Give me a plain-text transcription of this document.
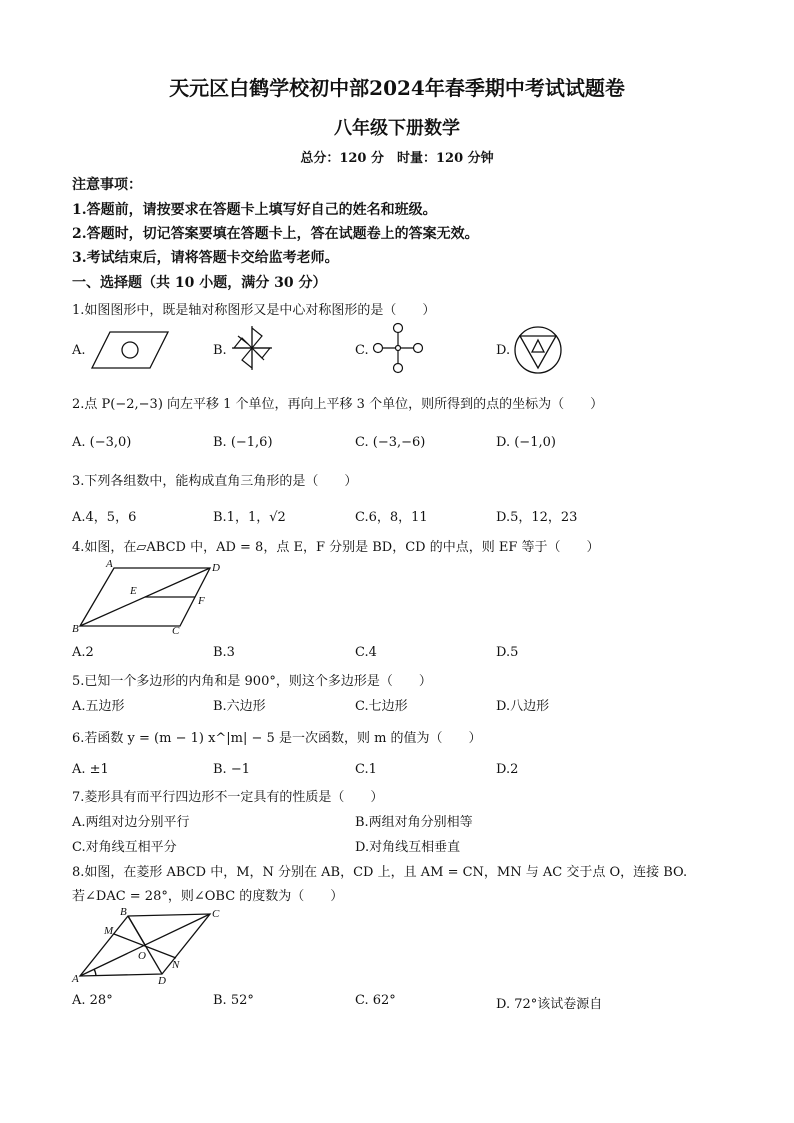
天元区白鹤学校初中部2024年春季期中考试试题卷
八年级下册数学
总分：120 分　时量：120 分钟
注意事项：
1.答题前，请按要求在答题卡上填写好自己的姓名和班级。
2.答题时，切记答案要填在答题卡上，答在试题卷上的答案无效。
3.考试结束后，请将答题卡交给监考老师。
一、选择题（共 10 小题，满分 30 分）
1.如图图形中，既是轴对称图形又是中心对称图形的是（　　）
A.	B.	C.	D.
2.点 P(−2,−3) 向左平移 1 个单位，再向上平移 3 个单位，则所得到的点的坐标为（　　）
A. (−3,0)	B. (−1,6)	C. (−3,−6)	D. (−1,0)
3.下列各组数中，能构成直角三角形的是（　　）
A.4，5，6	B.1，1，√2	C.6，8，11	D.5，12，23
4.如图，在▱ABCD 中，AD = 8，点 E，F 分别是 BD，CD 的中点，则 EF 等于（　　）
A	D
E
F
B	C
A.2	B.3	C.4	D.5
5.已知一个多边形的内角和是 900°，则这个多边形是（　　）
A.五边形	B.六边形	C.七边形	D.八边形
6.若函数 y = (m − 1) x^|m| − 5 是一次函数，则 m 的值为（　　）
A. ±1	B. −1	C.1	D.2
7.菱形具有而平行四边形不一定具有的性质是（　　）
A.两组对边分别平行	B.两组对角分别相等
C.对角线互相平分	D.对角线互相垂直
8.如图，在菱形 ABCD 中，M，N 分别在 AB，CD 上，且 AM = CN，MN 与 AC 交于点 O，连接 BO.
若∠DAC = 28°，则∠OBC 的度数为（　　）
B	C
M
O
N
A	D
A. 28°	B. 52°	C. 62°	D. 72°该试卷源自
